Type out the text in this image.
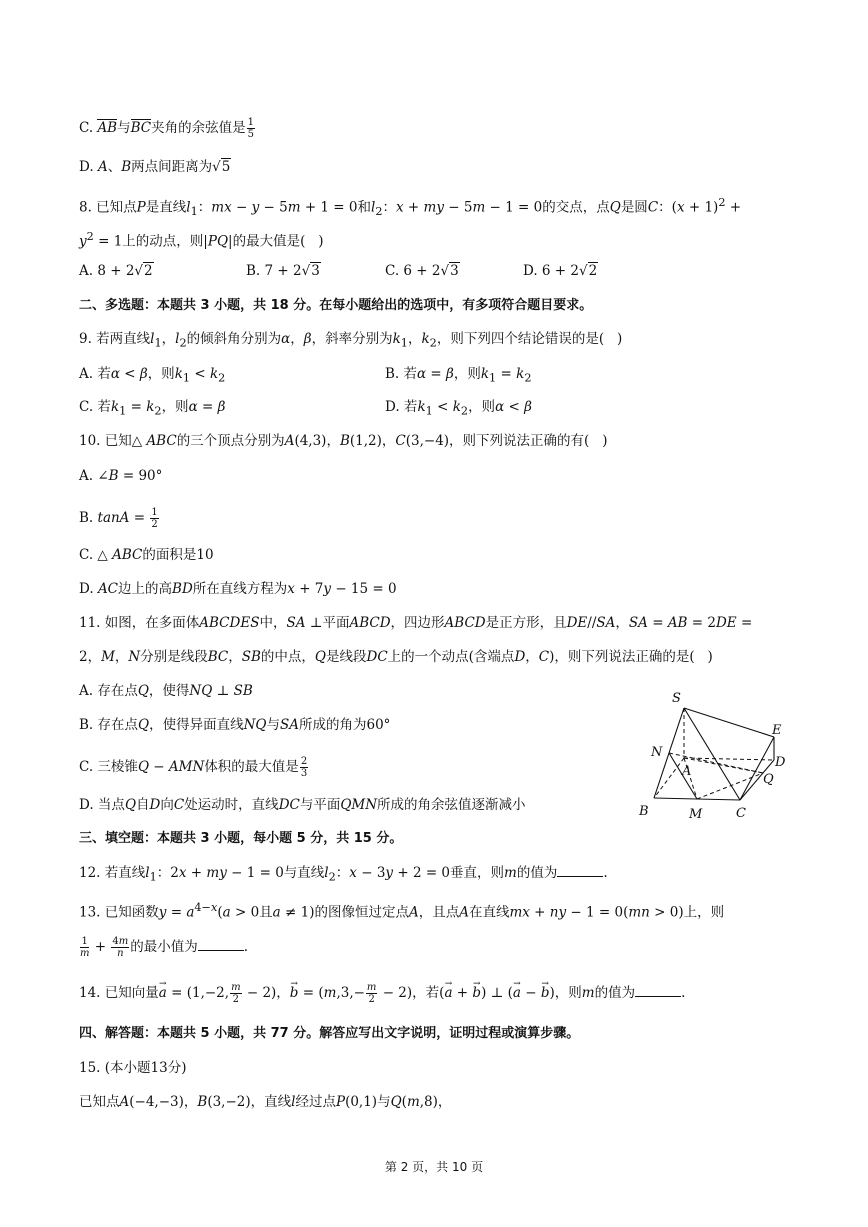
C. AB与BC夹角的余弦值是 $\frac{1}{5}$
D. A、B两点间距离为√5
8. 已知点P是直线$l_1$：mx − y − 5m + 1 = 0和$l_2$：x + my − 5m − 1 = 0的交点，点Q是圆C：$(x + 1)^2$ +
$y^2 = 1$上的动点，则|PQ|的最大值是(   )
A. 8 + 2√2	B. 7 + 2√3	C. 6 + 2√3	D. 6 + 2√2
二、多选题：本题共 3 小题，共 18 分。在每小题给出的选项中，有多项符合题目要求。
9. 若两直线$l_1$，$l_2$的倾斜角分别为α，β，斜率分别为$k_1$，$k_2$，则下列四个结论错误的是(   )
A. 若α < β，则$k_1 < k_2$	B. 若α = β，则$k_1 = k_2$
C. 若$k_1 = k_2$，则α = β	D. 若$k_1 < k_2$，则α < β
10. 已知△ ABC的三个顶点分别为A(4,3)，B(1,2)，C(3,−4)，则下列说法正确的有(   )
A. ∠B = 90°
B. $\tan A = \frac{1}{2}$
C. △ ABC的面积是10
D. AC边上的高BD所在直线方程为x + 7y − 15 = 0
11. 如图，在多面体ABCDES中，SA ⊥平面ABCD，四边形ABCD是正方形，且DE//SA，SA = AB = 2DE =
2，M，N分别是线段BC，SB的中点，Q是线段DC上的一个动点(含端点D，C)，则下列说法正确的是(   )
A. 存在点Q，使得NQ ⊥ SB
B. 存在点Q，使得异面直线NQ与SA所成的角为60°
C. 三棱锥Q − AMN体积的最大值是 $\frac{2}{3}$
D. 当点Q自D向C处运动时，直线DC与平面QMN所成的角余弦值逐渐减小
S
E
D
N
A
Q
B	M	C
三、填空题：本题共 3 小题，每小题 5 分，共 15 分。
12. 若直线$l_1$：2x + my − 1 = 0与直线$l_2$：x − 3y + 2 = 0垂直，则m的值为	.
13. 已知函数$y = a^{4-x}(a > 0$且a ≠ 1)的图像恒过定点A，且点A在直线mx + ny − 1 = 0(mn > 0)上，则
$\frac{1}{m} + \frac{4m}{n}$ 的最小值为	.
14. 已知向量→ a = (1,−2, $\frac{m}{2} - 2$)，→ $b = (m,3,- \frac{m}{2} - 2)$，若(→ a + → b) ⊥ (→ a − → b)，则m的值为	.
四、解答题：本题共 5 小题，共 77 分。解答应写出文字说明，证明过程或演算步骤。
15. (本小题13分)
已知点A(−4,−3)，B(3,−2)，直线l经过点P(0,1)与Q(m,8)，
第 2 页，共 10 页
